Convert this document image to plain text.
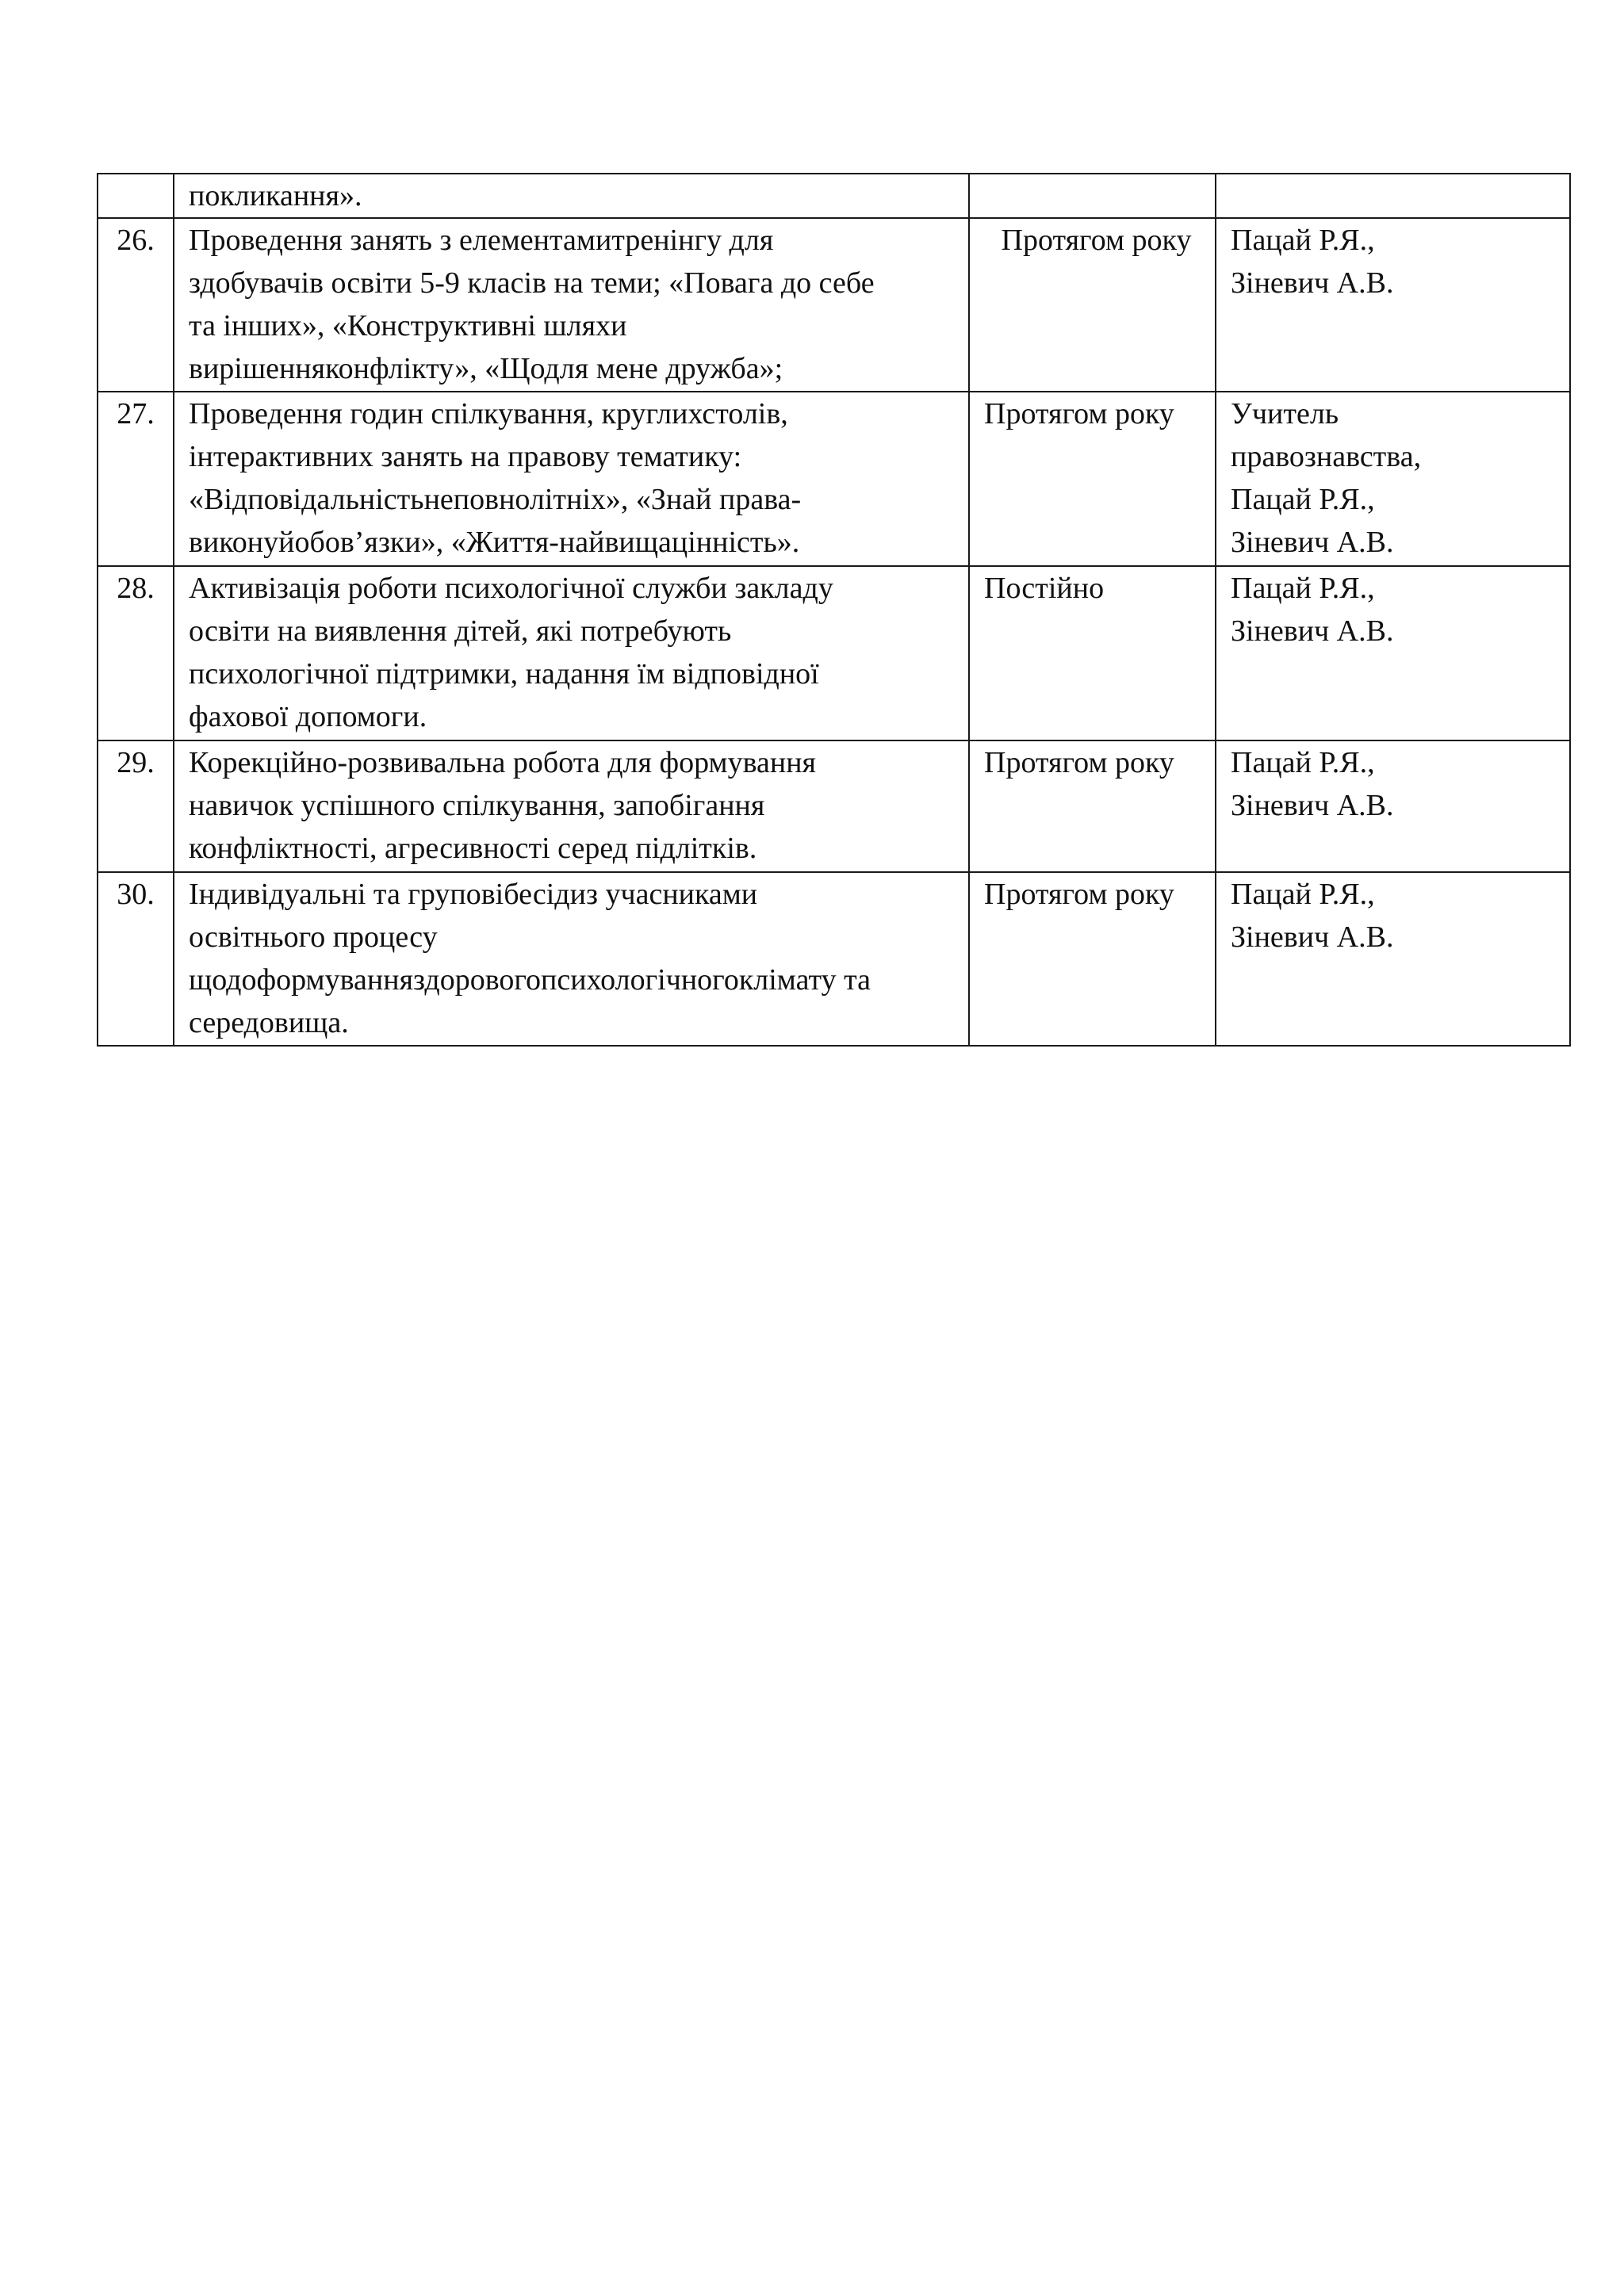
	покликання».		

26.	Проведення занять з елементамитренінгу для
здобувачів освіти 5-9 класів на теми; «Повага до себе
та інших», «Конструктивні шляхи
вирішенняконфлікту», «Щодля мене дружба»;	Протягом року	Пацай Р.Я.,
Зіневич А.В.

27.	Проведення годин спілкування, круглихстолів,
інтерактивних занять на правову тематику:
«Відповідальністьнеповнолітніх», «Знай права-
виконуйобов’язки», «Життя-найвищацінність».	Протягом року	Учитель
правознавства,
Пацай Р.Я.,
Зіневич А.В.

28.	Активізація роботи психологічної служби закладу
освіти на виявлення дітей, які потребують
психологічної підтримки, надання їм відповідної
фахової допомоги.	Постійно	Пацай Р.Я.,
Зіневич А.В.

29.	Корекційно-розвивальна робота для формування
навичок успішного спілкування, запобігання
конфліктності, агресивності серед підлітків.	Протягом року	Пацай Р.Я.,
Зіневич А.В.

30.	Індивідуальні та груповібесідиз учасниками
освітнього процесу
щодоформуванняздоровогопсихологічногоклімату та
середовища.	Протягом року	Пацай Р.Я.,
Зіневич А.В.
